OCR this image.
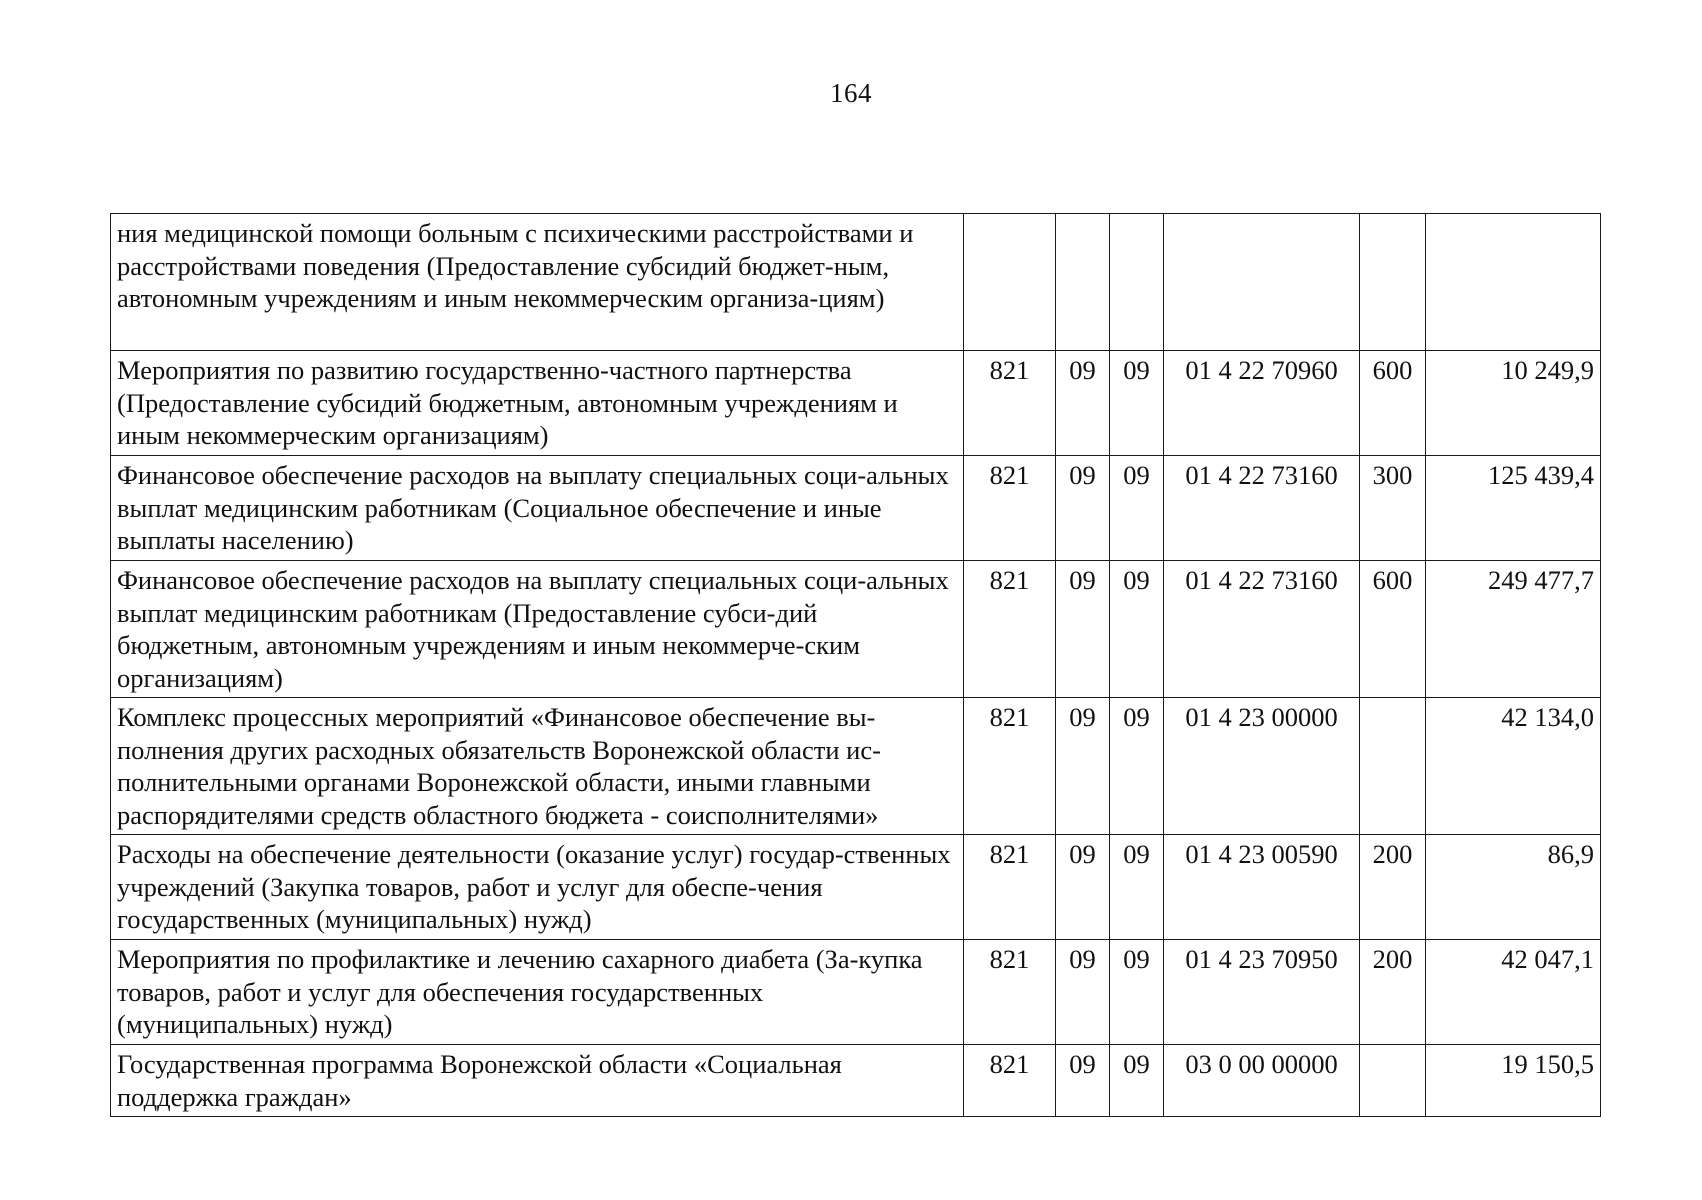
164
ния медицинской помощи больным с психическими расстройствами и расстройствами поведения (Предоставление субсидий бюджет-ным, автономным учреждениям и иным некоммерческим организа-циям)						
Мероприятия по развитию государственно-частного партнерства (Предоставление субсидий бюджетным, автономным учреждениям и иным некоммерческим организациям)	821	09	09	01 4 22 70960	600	10 249,9
Финансовое обеспечение расходов на выплату специальных соци-альных выплат медицинским работникам (Социальное обеспечение и иные выплаты населению)	821	09	09	01 4 22 73160	300	125 439,4
Финансовое обеспечение расходов на выплату специальных соци-альных выплат медицинским работникам (Предоставление субси-дий бюджетным, автономным учреждениям и иным некоммерче-ским организациям)	821	09	09	01 4 22 73160	600	249 477,7
Комплекс процессных мероприятий «Финансовое обеспечение вы-полнения других расходных обязательств Воронежской области ис-полнительными органами Воронежской области, иными главными распорядителями средств областного бюджета - соисполнителями»	821	09	09	01 4 23 00000		42 134,0
Расходы на обеспечение деятельности (оказание услуг) государ-ственных учреждений (Закупка товаров, работ и услуг для обеспе-чения государственных (муниципальных) нужд)	821	09	09	01 4 23 00590	200	86,9
Мероприятия по профилактике и лечению сахарного диабета (За-купка товаров, работ и услуг для обеспечения государственных (муниципальных) нужд)	821	09	09	01 4 23 70950	200	42 047,1
Государственная программа Воронежской области «Социальная поддержка граждан»	821	09	09	03 0 00 00000		19 150,5
